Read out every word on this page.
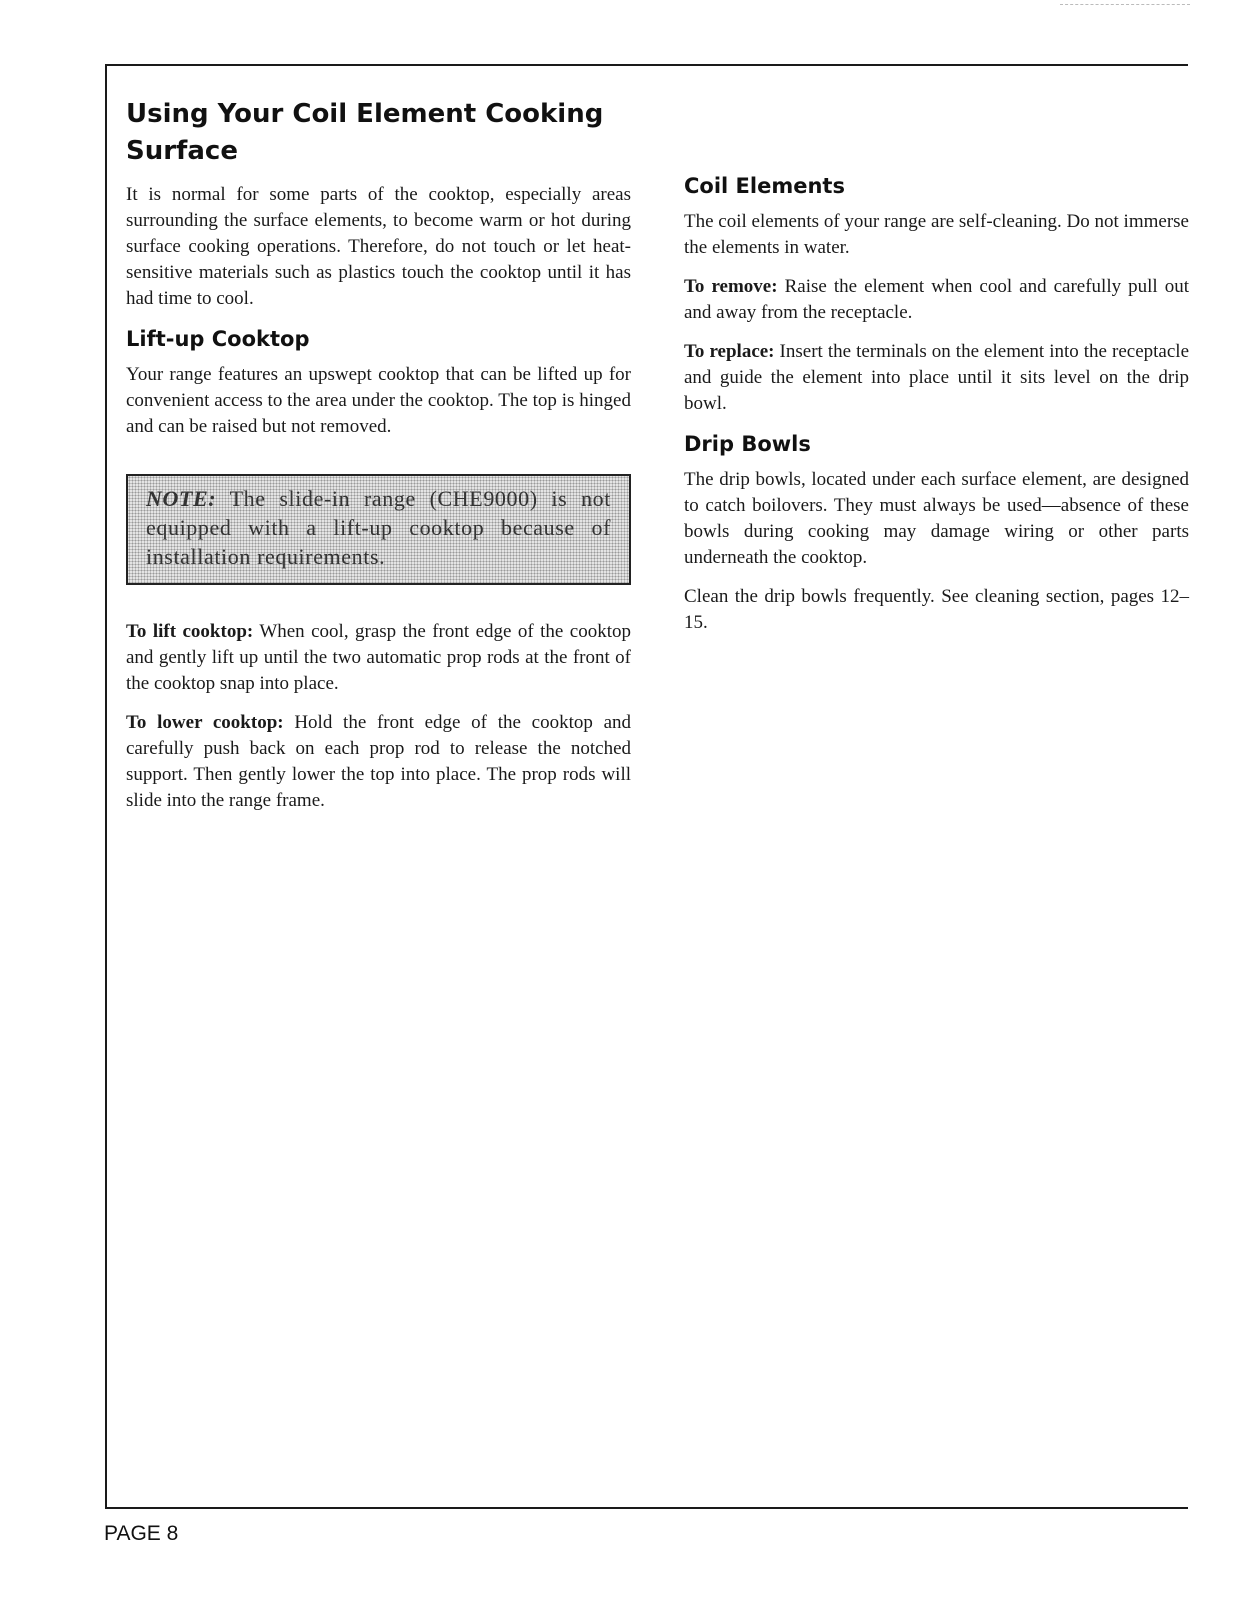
Using Your Coil Element Cooking Surface

It is normal for some parts of the cooktop, especially areas surrounding the surface elements, to become warm or hot during surface cooking operations. Therefore, do not touch or let heat-sensitive materials such as plastics touch the cooktop until it has had time to cool.

Lift-up Cooktop

Your range features an upswept cooktop that can be lifted up for convenient access to the area under the cooktop. The top is hinged and can be raised but not removed.

NOTE: The slide-in range (CHE9000) is not equipped with a lift-up cooktop because of installation requirements.

To lift cooktop: When cool, grasp the front edge of the cooktop and gently lift up until the two automatic prop rods at the front of the cooktop snap into place.

To lower cooktop: Hold the front edge of the cooktop and carefully push back on each prop rod to release the notched support. Then gently lower the top into place. The prop rods will slide into the range frame.

Coil Elements

The coil elements of your range are self-cleaning. Do not immerse the elements in water.

To remove: Raise the element when cool and carefully pull out and away from the receptacle.

To replace: Insert the terminals on the element into the receptacle and guide the element into place until it sits level on the drip bowl.

Drip Bowls

The drip bowls, located under each surface element, are designed to catch boilovers. They must always be used—absence of these bowls during cooking may damage wiring or other parts underneath the cooktop.

Clean the drip bowls frequently. See cleaning section, pages 12–15.

PAGE 8
